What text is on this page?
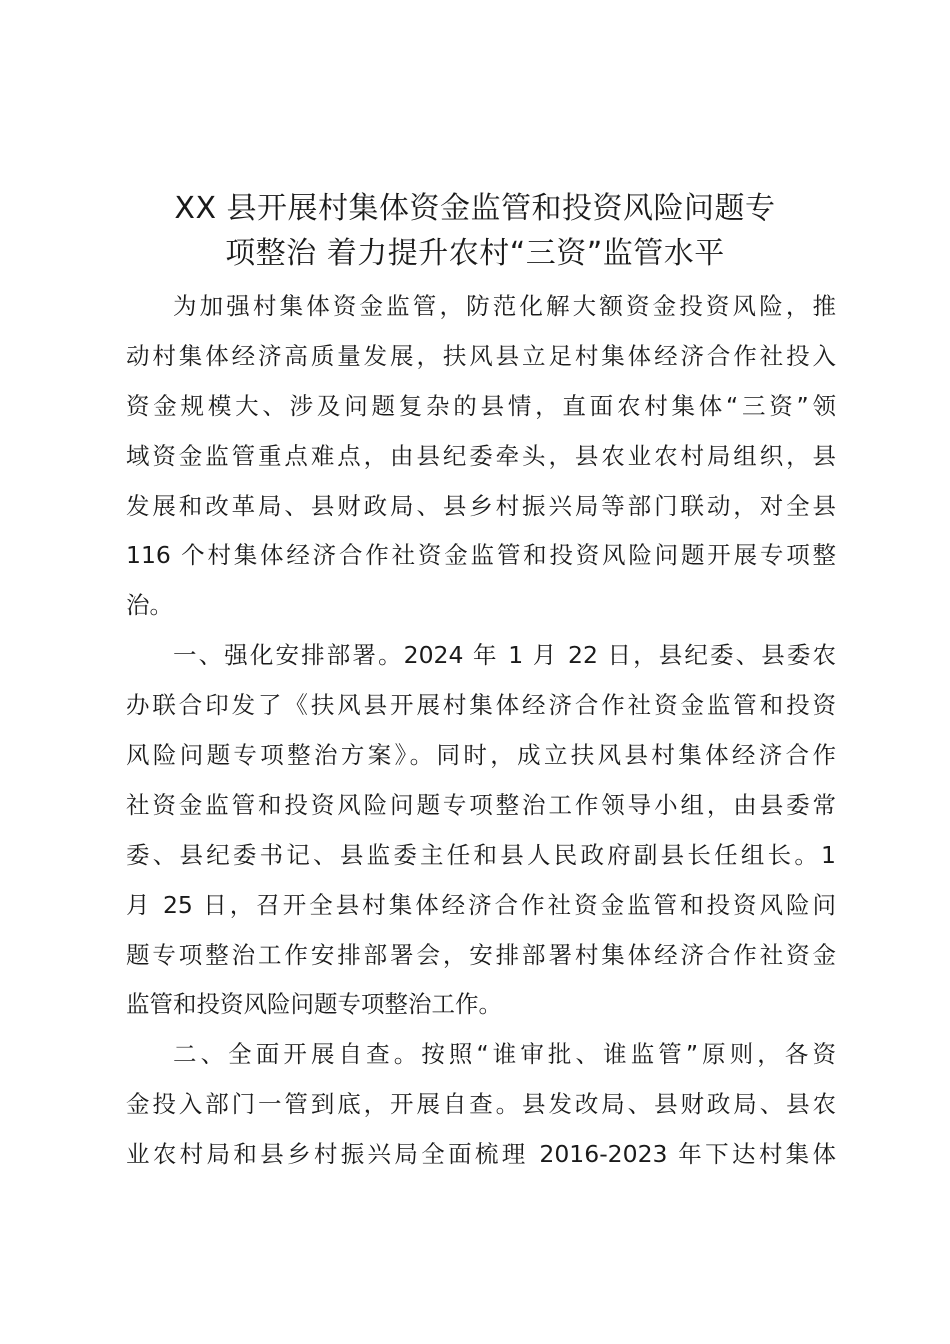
XX 县开展村集体资金监管和投资风险问题专
项整治 着力提升农村“三资”监管水平
为加强村集体资金监管，防范化解大额资金投资风险，推
动村集体经济高质量发展，扶风县立足村集体经济合作社投入
资金规模大、涉及问题复杂的县情，直面农村集体“三资”领
域资金监管重点难点，由县纪委牵头，县农业农村局组织，县
发展和改革局、县财政局、县乡村振兴局等部门联动，对全县
116 个村集体经济合作社资金监管和投资风险问题开展专项整
治。
一、强化安排部署。2024 年 1 月 22 日，县纪委、县委农
办联合印发了《扶风县开展村集体经济合作社资金监管和投资
风险问题专项整治方案》。同时，成立扶风县村集体经济合作
社资金监管和投资风险问题专项整治工作领导小组，由县委常
委、县纪委书记、县监委主任和县人民政府副县长任组长。1
月 25 日，召开全县村集体经济合作社资金监管和投资风险问
题专项整治工作安排部署会，安排部署村集体经济合作社资金
监管和投资风险问题专项整治工作。
二、全面开展自查。按照“谁审批、谁监管”原则，各资
金投入部门一管到底，开展自查。县发改局、县财政局、县农
业农村局和县乡村振兴局全面梳理 2016-2023 年下达村集体
